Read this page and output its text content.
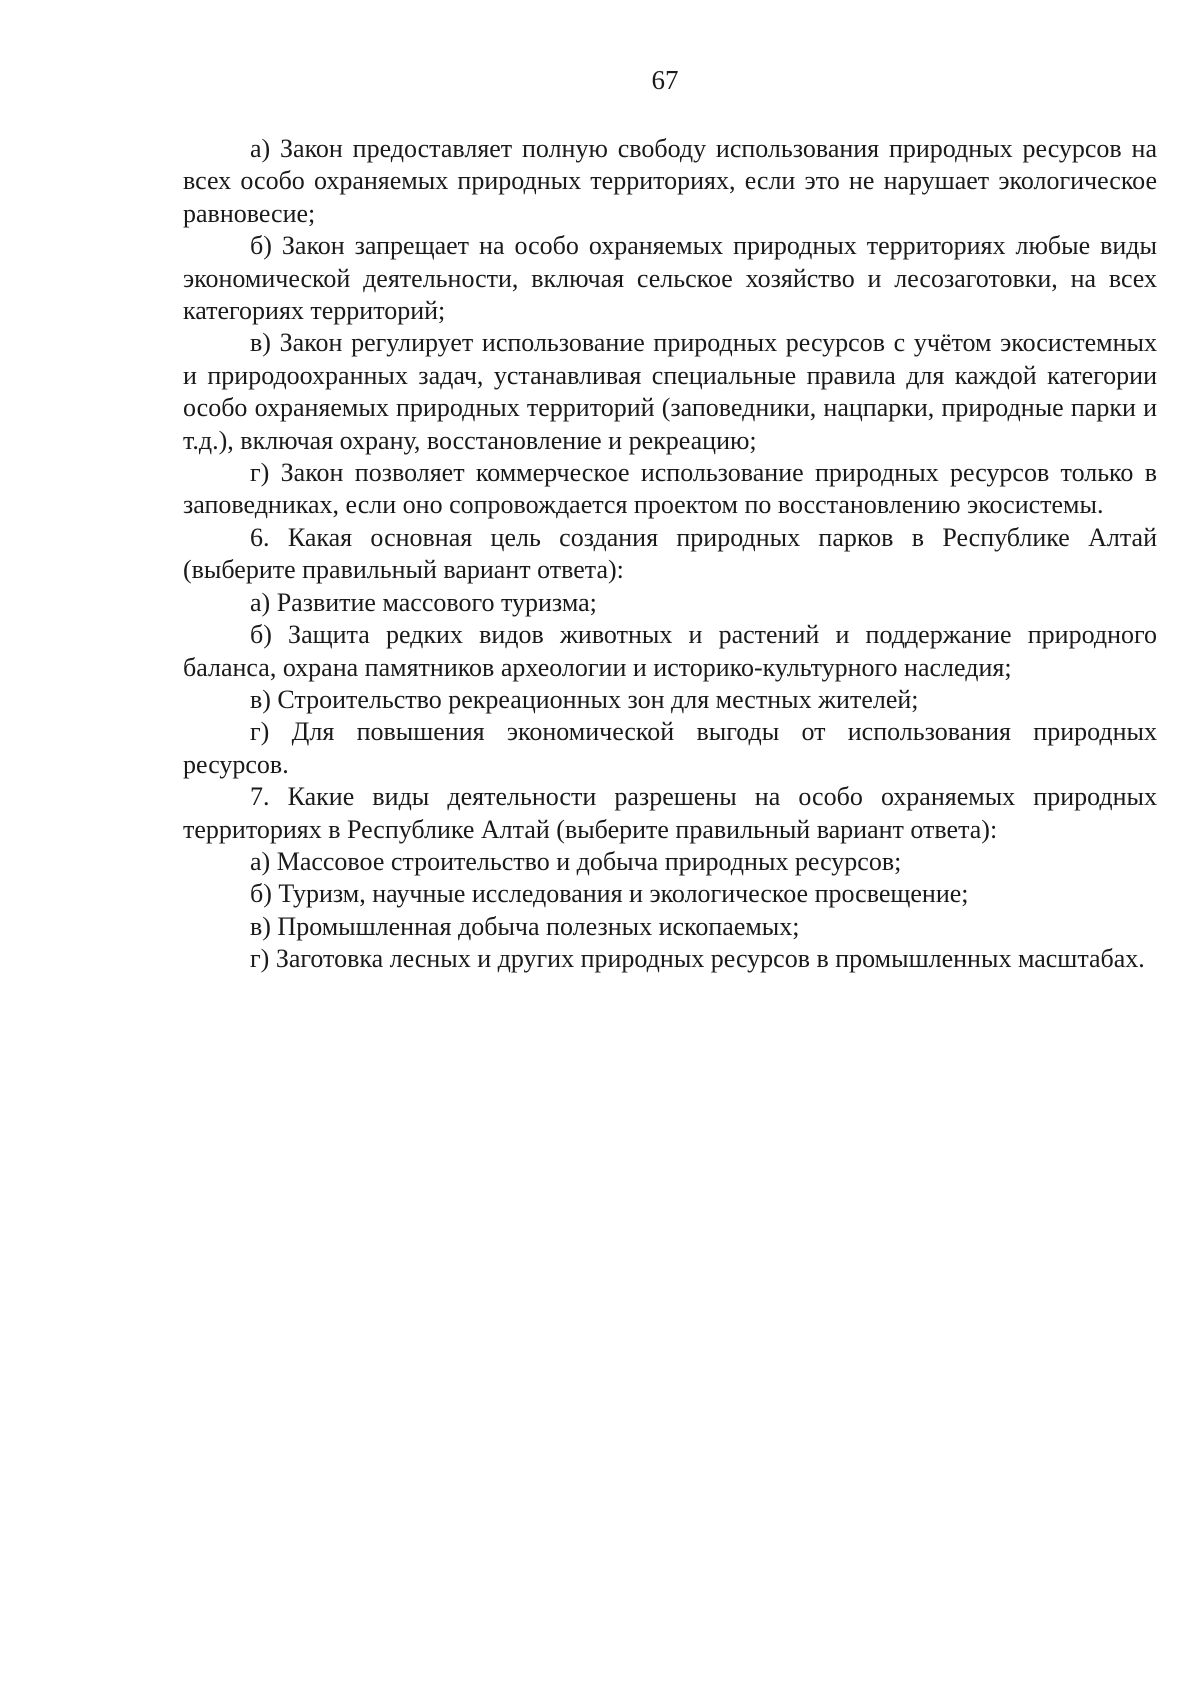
67

а) Закон предоставляет полную свободу использования природных ресурсов на всех особо охраняемых природных территориях, если это не нарушает экологическое равновесие;

б) Закон запрещает на особо охраняемых природных территориях любые виды экономической деятельности, включая сельское хозяйство и лесозаготовки, на всех категориях территорий;

в) Закон регулирует использование природных ресурсов с учётом экосистемных и природоохранных задач, устанавливая специальные правила для каждой категории особо охраняемых природных территорий (заповедники, нацпарки, природные парки и т.д.), включая охрану, восстановление и рекреацию;

г) Закон позволяет коммерческое использование природных ресурсов только в заповедниках, если оно сопровождается проектом по восстановлению экосистемы.

6. Какая основная цель создания природных парков в Республике Алтай (выберите правильный вариант ответа):

а) Развитие массового туризма;

б) Защита редких видов животных и растений и поддержание природного баланса, охрана памятников археологии и историко-культурного наследия;

в) Строительство рекреационных зон для местных жителей;

г) Для повышения экономической выгоды от использования природных ресурсов.

7. Какие виды деятельности разрешены на особо охраняемых природных территориях в Республике Алтай (выберите правильный вариант ответа):

а) Массовое строительство и добыча природных ресурсов;

б) Туризм, научные исследования и экологическое просвещение;

в) Промышленная добыча полезных ископаемых;

г) Заготовка лесных и других природных ресурсов в промышленных масштабах.
